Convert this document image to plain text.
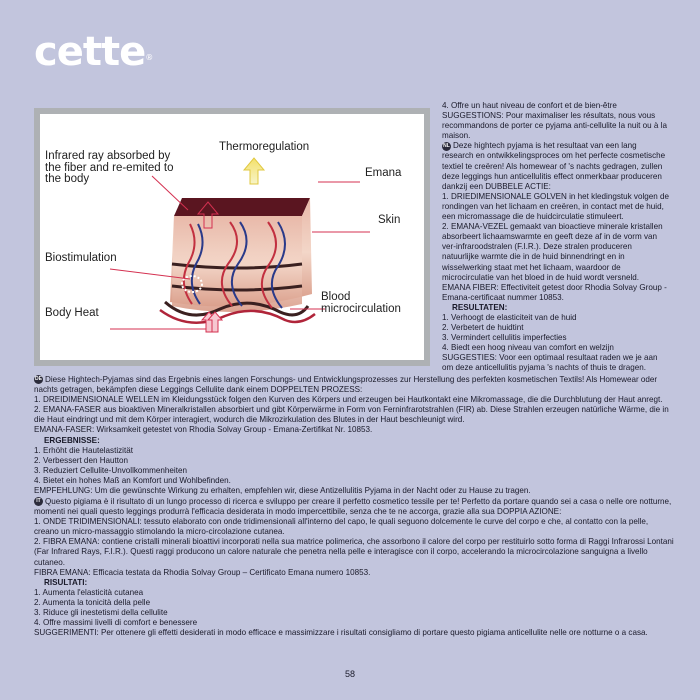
cette®
Thermoregulation
Infrared ray absorbed by the fiber and re-emited to the body	Emana
Skin
Biostimulation
Blood microcirculation
Body Heat

4. Offre un haut niveau de confort et de bien-être

SUGGESTIONS: Pour maximaliser les résultats, nous vous recommandons de porter ce pyjama anti-cellulite la nuit ou à la maison.

NL Deze hightech pyjama is het resultaat van een lang research en ontwikkelingsproces om het perfecte cosmetische textiel te creëren! Als homewear of 's nachts gedragen, zullen deze leggings hun anticellulitis effect onmerkbaar produceren dankzij een DUBBELE ACTIE:

1. DRIEDIMENSIONALE GOLVEN in het kledingstuk volgen de rondingen van het lichaam en creëren, in contact met de huid, een micromassage die de huidcirculatie stimuleert.

2. EMANA-VEZEL gemaakt van bioactieve minerale kristallen absorbeert lichaamswarmte en geeft deze af in de vorm van ver-infraroodstralen (F.I.R.). Deze stralen produceren natuurlijke warmte die in de huid binnendringt en in wisselwerking staat met het lichaam, waardoor de microcirculatie van het bloed in de huid wordt versneld.

EMANA FIBER: Effectiviteit getest door Rhodia Solvay Group - Emana-certificaat nummer 10853.

RESULTATEN:

1. Verhoogt de elasticiteit van de huid

2. Verbetert de huidtint

3. Vermindert cellulitis imperfecties

4. Biedt een hoog niveau van comfort en welzijn

SUGGESTIES: Voor een optimaal resultaat raden we je aan om deze anticellulitis pyjama 's nachts of thuis te dragen.

DE Diese Hightech-Pyjamas sind das Ergebnis eines langen Forschungs- und Entwicklungsprozesses zur Herstellung des perfekten kosmetischen Textils! Als Homewear oder nachts getragen, bekämpfen diese Leggings Cellulite dank einem DOPPELTEN PROZESS:

1. DREIDIMENSIONALE WELLEN im Kleidungsstück folgen den Kurven des Körpers und erzeugen bei Hautkontakt eine Mikromassage, die die Durchblutung der Haut anregt.

2. EMANA-FASER aus bioaktiven Mineralkristallen absorbiert und gibt Körperwärme in Form von Ferninfrarotstrahlen (FIR) ab. Diese Strahlen erzeugen natürliche Wärme, die in die Haut eindringt und mit dem Körper interagiert, wodurch die Mikrozirkulation des Blutes in der Haut beschleunigt wird.

EMANA-FASER: Wirksamkeit getestet von Rhodia Solvay Group - Emana-Zertifikat Nr. 10853.

ERGEBNISSE:

1. Erhöht die Hautelastizität

2. Verbessert den Hautton

3. Reduziert Cellulite-Unvollkommenheiten

4. Bietet ein hohes Maß an Komfort und Wohlbefinden.

EMPFEHLUNG: Um die gewünschte Wirkung zu erhalten, empfehlen wir, diese Antizellulitis Pyjama in der Nacht oder zu Hause zu tragen.

IT Questo pigiama è il risultato di un lungo processo di ricerca e sviluppo per creare il perfetto cosmetico tessile per te! Perfetto da portare quando sei a casa o nelle ore notturne, momenti nei quali questo leggings produrrà l'efficacia desiderata in modo impercettibile, senza che te ne accorga, grazie alla sua DOPPIA AZIONE:

1. ONDE TRIDIMENSIONALI: tessuto elaborato con onde tridimensionali all'interno del capo, le quali seguono dolcemente le curve del corpo e che, al contatto con la pelle, creano un micro-massaggio stimolando la micro-circolazione cutanea.

2. FIBRA EMANA: contiene cristalli minerali bioattivi incorporati nella sua matrice polimerica, che assorbono il calore del corpo per restituirlo sotto forma di Raggi Infrarossi Lontani (Far Infrared Rays, F.I.R.). Questi raggi producono un calore naturale che penetra nella pelle e interagisce con il corpo, accelerando la microcircolazione sanguigna a livello cutaneo.

FIBRA EMANA: Efficacia testata da Rhodia Solvay Group – Certificato Emana numero 10853.

RISULTATI:

1. Aumenta l'elasticità cutanea

2. Aumenta la tonicità della pelle

3. Riduce gli inestetismi della cellulite

4. Offre massimi livelli di comfort e benessere

SUGGERIMENTI: Per ottenere gli effetti desiderati in modo efficace e massimizzare i risultati consigliamo di portare questo pigiama anticellulite nelle ore notturne o a casa.

58
